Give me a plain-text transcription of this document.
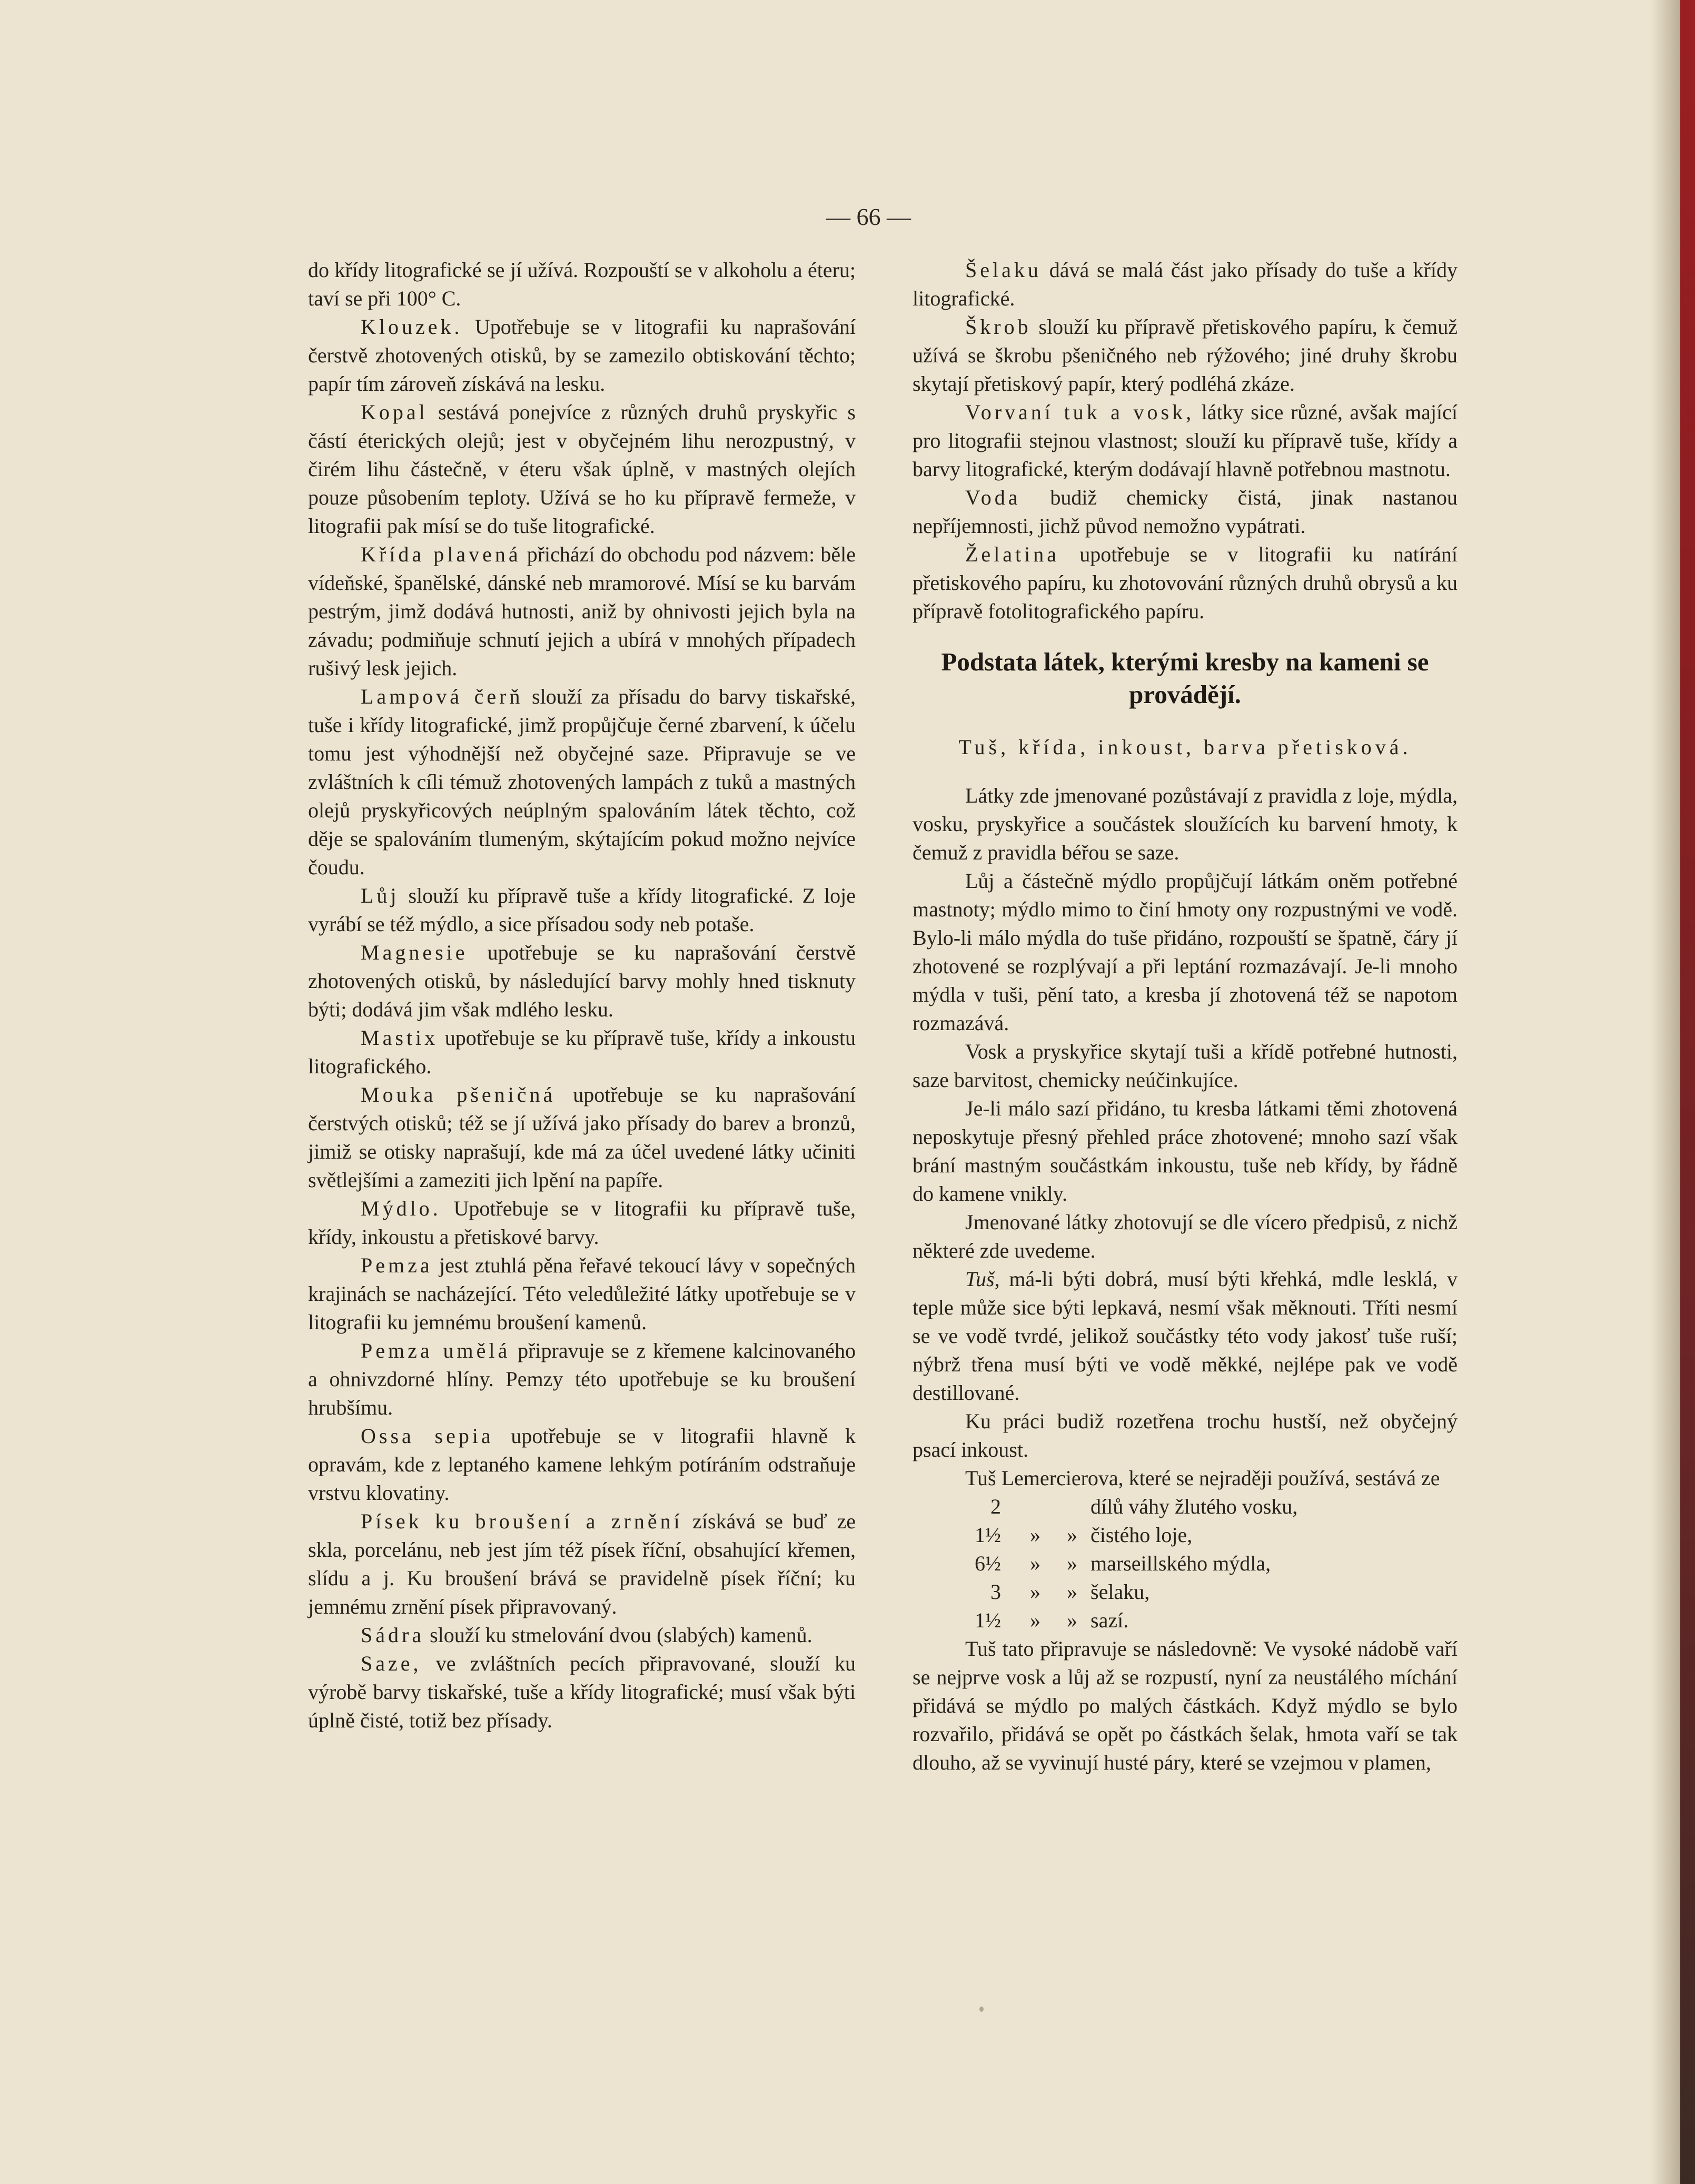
— 66 —

do křídy litografické se jí užívá. Rozpouští se v alkoholu a éteru; taví se při 100° C.

Klouzek. Upotřebuje se v litografii ku naprašování čerstvě zhotovených otisků, by se zamezilo obtiskování těchto; papír tím zároveň získává na lesku.

Kopal sestává ponejvíce z různých druhů pryskyřic s částí éterických olejů; jest v obyčejném lihu nerozpustný, v čirém lihu částečně, v éteru však úplně, v mastných olejích pouze působením teploty. Užívá se ho ku přípravě fermeže, v litografii pak mísí se do tuše litografické.

Křída plavená přichází do obchodu pod názvem: běle vídeňské, španělské, dánské neb mramorové. Mísí se ku barvám pestrým, jimž dodává hutnosti, aniž by ohnivosti jejich byla na závadu; podmiňuje schnutí jejich a ubírá v mnohých případech rušivý lesk jejich.

Lampová čerň slouží za přísadu do barvy tiskařské, tuše i křídy litografické, jimž propůjčuje černé zbarvení, k účelu tomu jest výhodnější než obyčejné saze. Připravuje se ve zvláštních k cíli témuž zhotovených lampách z tuků a mastných olejů pryskyřicových neúplným spalováním látek těchto, což děje se spalováním tlumeným, skýtajícím pokud možno nejvíce čoudu.

Lůj slouží ku přípravě tuše a křídy litografické. Z loje vyrábí se též mýdlo, a sice přísadou sody neb potaše.

Magnesie upotřebuje se ku naprašování čerstvě zhotovených otisků, by následující barvy mohly hned tisknuty býti; dodává jim však mdlého lesku.

Mastix upotřebuje se ku přípravě tuše, křídy a inkoustu litografického.

Mouka pšeničná upotřebuje se ku naprašování čerstvých otisků; též se jí užívá jako přísady do barev a bronzů, jimiž se otisky naprašují, kde má za účel uvedené látky učiniti světlejšími a zameziti jich lpění na papíře.

Mýdlo. Upotřebuje se v litografii ku přípravě tuše, křídy, inkoustu a přetiskové barvy.

Pemza jest ztuhlá pěna řeřavé tekoucí lávy v sopečných krajinách se nacházející. Této veledůležité látky upotřebuje se v litografii ku jemnému broušení kamenů.

Pemza umělá připravuje se z křemene kalcinovaného a ohnivzdorné hlíny. Pemzy této upotřebuje se ku broušení hrubšímu.

Ossa sepia upotřebuje se v litografii hlavně k opravám, kde z leptaného kamene lehkým potíráním odstraňuje vrstvu klovatiny.

Písek ku broušení a zrnění získává se buď ze skla, porcelánu, neb jest jím též písek říční, obsahující křemen, slídu a j. Ku broušení brává se pravidelně písek říční; ku jemnému zrnění písek připravovaný.

Sádra slouží ku stmelování dvou (slabých) kamenů.

Saze, ve zvláštních pecích připravované, slouží ku výrobě barvy tiskařské, tuše a křídy litografické; musí však býti úplně čisté, totiž bez přísady.

Šelaku dává se malá část jako přísady do tuše a křídy litografické.

Škrob slouží ku přípravě přetiskového papíru, k čemuž užívá se škrobu pšeničného neb rýžového; jiné druhy škrobu skytají přetiskový papír, který podléhá zkáze.

Vorvaní tuk a vosk, látky sice různé, avšak mající pro litografii stejnou vlastnost; slouží ku přípravě tuše, křídy a barvy litografické, kterým dodávají hlavně potřebnou mastnotu.

Voda budiž chemicky čistá, jinak nastanou nepříjemnosti, jichž původ nemožno vypátrati.

Želatina upotřebuje se v litografii ku natírání přetiskového papíru, ku zhotovování různých druhů obrysů a ku přípravě fotolitografického papíru.

Podstata látek, kterými kresby na kameni se provádějí.

Tuš, křída, inkoust, barva přetisková.

Látky zde jmenované pozůstávají z pravidla z loje, mýdla, vosku, pryskyřice a součástek sloužících ku barvení hmoty, k čemuž z pravidla béřou se saze.

Lůj a částečně mýdlo propůjčují látkám oněm potřebné mastnoty; mýdlo mimo to činí hmoty ony rozpustnými ve vodě. Bylo-li málo mýdla do tuše přidáno, rozpouští se špatně, čáry jí zhotovené se rozplývají a při leptání rozmazávají. Je-li mnoho mýdla v tuši, pění tato, a kresba jí zhotovená též se napotom rozmazává.

Vosk a pryskyřice skytají tuši a křídě potřebné hutnosti, saze barvitost, chemicky neúčinkujíce.

Je-li málo sazí přidáno, tu kresba látkami těmi zhotovená neposkytuje přesný přehled práce zhotovené; mnoho sazí však brání mastným součástkám inkoustu, tuše neb křídy, by řádně do kamene vnikly.

Jmenované látky zhotovují se dle vícero předpisů, z nichž některé zde uvedeme.

Tuš, má-li býti dobrá, musí býti křehká, mdle lesklá, v teple může sice býti lepkavá, nesmí však měknouti. Tříti nesmí se ve vodě tvrdé, jelikož součástky této vody jakosť tuše ruší; nýbrž třena musí býti ve vodě měkké, nejlépe pak ve vodě destillované.

Ku práci budiž rozetřena trochu hustší, než obyčejný psací inkoust.

Tuš Lemercierova, které se nejraději používá, sestává ze

2	dílů váhy žlutého vosku,
1½	»	» čistého loje,
6½	»	» marseillského mýdla,
3	»	» šelaku,
1½	»	» sazí.

Tuš tato připravuje se následovně: Ve vysoké nádobě vaří se nejprve vosk a lůj až se rozpustí, nyní za neustálého míchání přidává se mýdlo po malých částkách. Když mýdlo se bylo rozvařilo, přidává se opět po částkách šelak, hmota vaří se tak dlouho, až se vyvinují husté páry, které se vzejmou v plamen,
